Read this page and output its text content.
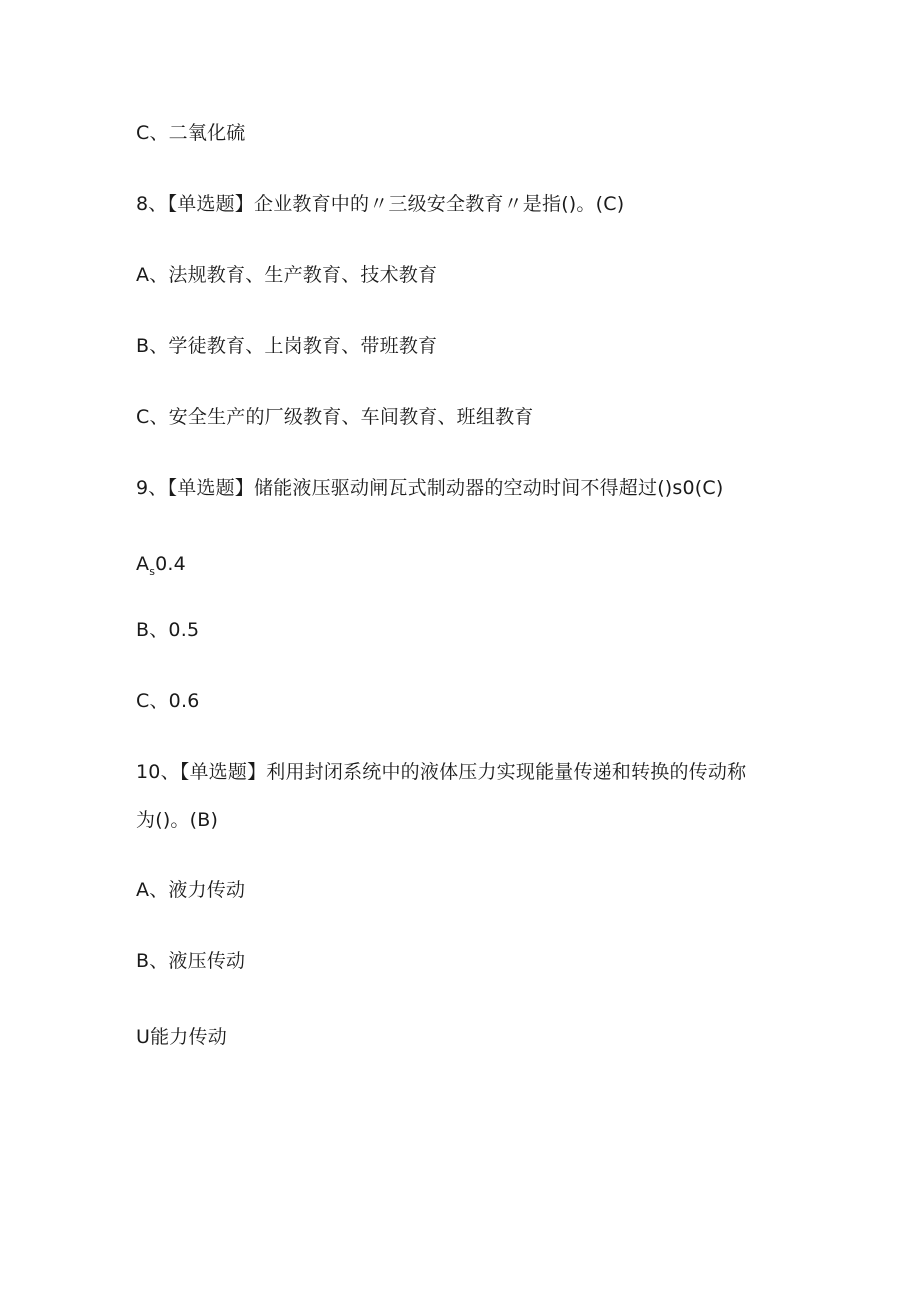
C、二氧化硫
8、【单选题】企业教育中的〃三级安全教育〃是指()。(C)
A、法规教育、生产教育、技术教育
B、学徒教育、上岗教育、带班教育
C、安全生产的厂级教育、车间教育、班组教育
9、【单选题】储能液压驱动闸瓦式制动器的空动时间不得超过()s0(C)
$A_s0.4$
B、0.5
C、0.6
10、【单选题】利用封闭系统中的液体压力实现能量传递和转换的传动称
为()。(B)
A、液力传动
B、液压传动
U能力传动
